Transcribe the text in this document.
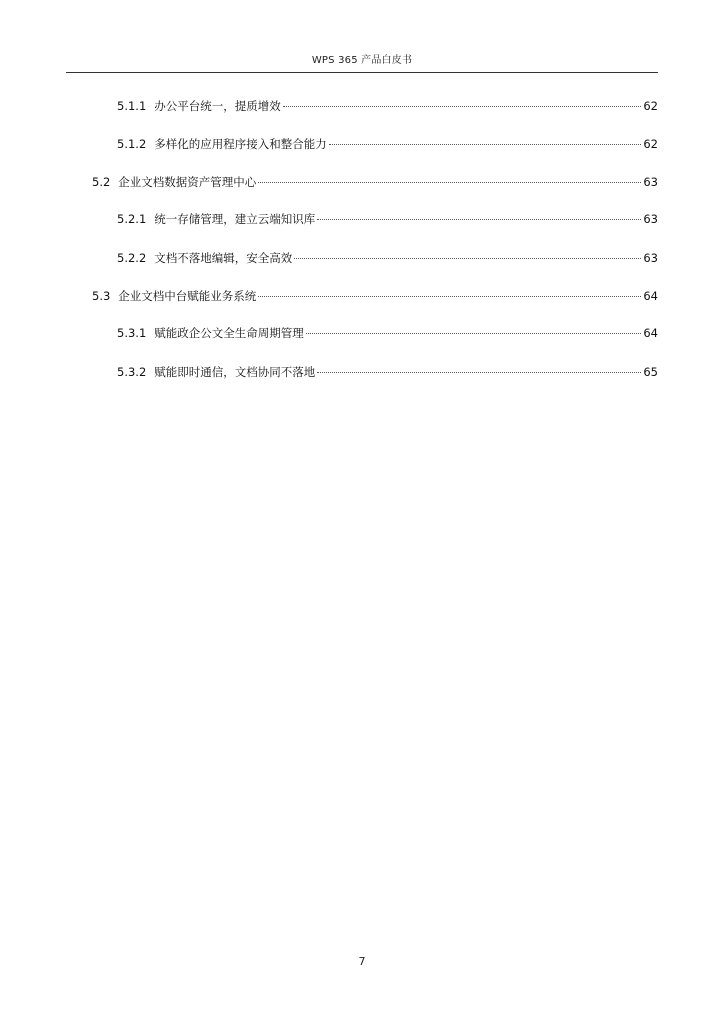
WPS 365 产品白皮书
5.1.1 办公平台统一，提质增效	62
5.1.2 多样化的应用程序接入和整合能力	62
5.2 企业文档数据资产管理中心	63
5.2.1 统一存储管理，建立云端知识库	63
5.2.2 文档不落地编辑，安全高效	63
5.3 企业文档中台赋能业务系统	64
5.3.1 赋能政企公文全生命周期管理	64
5.3.2 赋能即时通信，文档协同不落地	65
7
